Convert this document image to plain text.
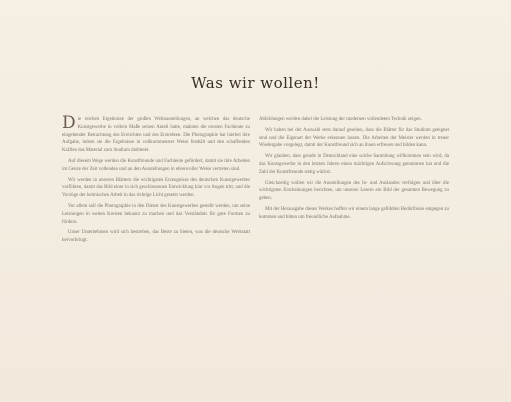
Was wir wollen!

Die reichen Ergebnisse der großen Weltausstellungen, an welchen das deutsche Kunstgewerbe in vollem Maße seinen Anteil hatte, mahnen die ernsten Fachleute zu eingehender Betrachtung des Erreichten und des Erstrebten. Die Photographie hat hierbei ihre Aufgabe, indem sie die Ergebnisse in vollkommenster Weise festhält und den schaffenden Kräften das Material zum Studium darbietet.

Auf diesem Wege werden die Kunstfreunde und Fachleute gefördert, damit sie ihre Arbeiten im Geiste der Zeit vollenden und an den Ausstellungen in ehrenvoller Weise vertreten sind.

Wir werden in unseren Blättern die wichtigsten Erzeugnisse des deutschen Kunstgewerbes vorführen, damit das Bild einer in sich geschlossenen Entwicklung klar vor Augen tritt, und die Vorzüge der heimischen Arbeit in das richtige Licht gesetzt werden.

Vor allem soll die Photographie in den Dienst des Kunstgewerbes gestellt werden, um seine Leistungen in weiten Kreisen bekannt zu machen und das Verständnis für gute Formen zu fördern.

Unser Unternehmen wird sich bestreben, das Beste zu bieten, was die deutsche Werkstatt hervorbringt.

Abbildungen werden dabei die Leistung der modernen vollendeten Technik zeigen.

Wir haben bei der Auswahl stets darauf gesehen, dass die Blätter für das Studium geeignet sind und die Eigenart der Werke erkennen lassen. Die Arbeiten der Meister werden in treuer Wiedergabe vorgelegt, damit der Kunstfreund sich an ihnen erfreuen und bilden kann.

Wir glauben, dass gerade in Deutschland eine solche Sammlung willkommen sein wird, da das Kunstgewerbe in den letzten Jahren einen mächtigen Aufschwung genommen hat und die Zahl der Kunstfreunde stetig wächst.

Gleichzeitig wollen wir die Ausstellungen des In- und Auslandes verfolgen und über die wichtigsten Erscheinungen berichten, um unseren Lesern ein Bild der gesamten Bewegung zu geben.

Mit der Herausgabe dieses Werkes hoffen wir einem lange gefühlten Bedürfnisse entgegen zu kommen und bitten um freundliche Aufnahme.
